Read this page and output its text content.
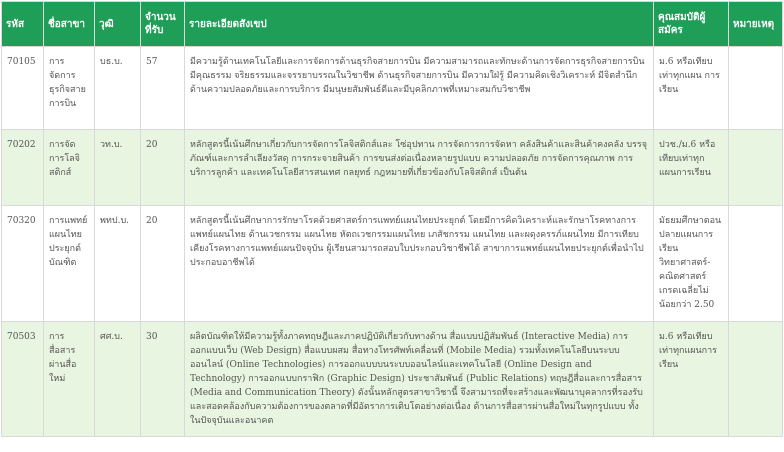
รหัส	ชื่อสาขา	วุฒิ	จำนวนที่รับ	รายละเอียดสังเขป	คุณสมบัติผู้สมัคร	หมายเหตุ
70105	การจัดการธุรกิจสายการบิน	บธ.บ.	57	มีความรู้ด้านเทคโนโลยีและการจัดการด้านธุรกิจสายการบิน มีความสามารถและทักษะด้านการจัดการธุรกิจสายการบิน มีคุณธรรม จริยธรรมและจรรยาบรรณในวิชาชีพ ด้านธุรกิจสายการบิน มีความใฝ่รู้ มีความคิดเชิงวิเคราะห์ มีจิตสำนึกด้านความปลอดภัยและการบริการ มีมนุษยสัมพันธ์ดีและมีบุคลิกภาพที่เหมาะสมกับวิชาชีพ	ม.6 หรือเทียบเท่าทุกแผน การเรียน	
70202	การจัดการโลจิสติกส์	วท.บ.	20	หลักสูตรนี้เน้นศึกษาเกี่ยวกับการจัดการโลจิสติกส์และ โซ่อุปทาน การจัดการการจัดหา คลังสินค้าและสินค้าคงคลัง บรรจุภัณฑ์และการลำเลียงวัสดุ การกระจายสินค้า การขนส่งต่อเนื่องหลายรูปแบบ ความปลอดภัย การจัดการคุณภาพ การบริการลูกค้า และเทคโนโลยีสารสนเทศ กลยุทธ์ กฎหมายที่เกี่ยวข้องกับโลจิสติกส์ เป็นต้น	ปวช./ม.6 หรือเทียบเท่าทุกแผนการเรียน	
70320	การแพทย์แผนไทยประยุกต์บัณฑิต	พทป.บ.	20	หลักสูตรนี้เน้นศึกษาการรักษาโรคด้วยศาสตร์การแพทย์แผนไทยประยุกต์ โดยมีการคิดวิเคราะห์และรักษาโรคทางการแพทย์แผนไทย ด้านเวชกรรม แผนไทย หัตถเวชกรรมแผนไทย เภสัชกรรม แผนไทย และผดุงครรภ์แผนไทย มีการเทียบเคียงโรคทางการแพทย์แผนปัจจุบัน ผู้เรียนสามารถสอบใบประกอบวิชาชีพได้ สาขาการแพทย์แผนไทยประยุกต์เพื่อนำไปประกอบอาชีพได้	มัธยมศึกษาตอนปลายแผนการเรียนวิทยาศาสตร์-คณิตศาสตร์ เกรดเฉลี่ยไม่น้อยกว่า 2.50	
70503	การสื่อสารผ่านสื่อใหม่	ศศ.บ.	30	ผลิตบัณฑิตให้มีความรู้ทั้งภาคทฤษฎีและภาคปฏิบัติเกี่ยวกับทางด้าน สื่อแบบปฏิสัมพันธ์ (Interactive Media) การออกแบบเว็บ (Web Design) สื่อแบบผสม สื่อทางโทรศัพท์เคลื่อนที่ (Mobile Media) รวมทั้งเทคโนโลยีบนระบบออนไลน์ (Online Technologies) การออกแบบบนระบบออนไลน์และเทคโนโลยี (Online Design and Technology) การออกแบบกราฟิก (Graphic Design) ประชาสัมพันธ์ (Public Relations) ทฤษฎีสื่อและการสื่อสาร (Media and Communication Theory) ดังนั้นหลักสูตรสาขาวิชานี้ จึงสามารถที่จะสร้างและพัฒนาบุคลากรที่รองรับและสอดคล้องกับความต้องการของตลาดที่มีอัตราการเติบโตอย่างต่อเนื่อง ด้านการสื่อสารผ่านสื่อใหม่ในทุกรูปแบบ ทั้งในปัจจุบันและอนาคต	ม.6 หรือเทียบเท่าทุกแผนการเรียน	
